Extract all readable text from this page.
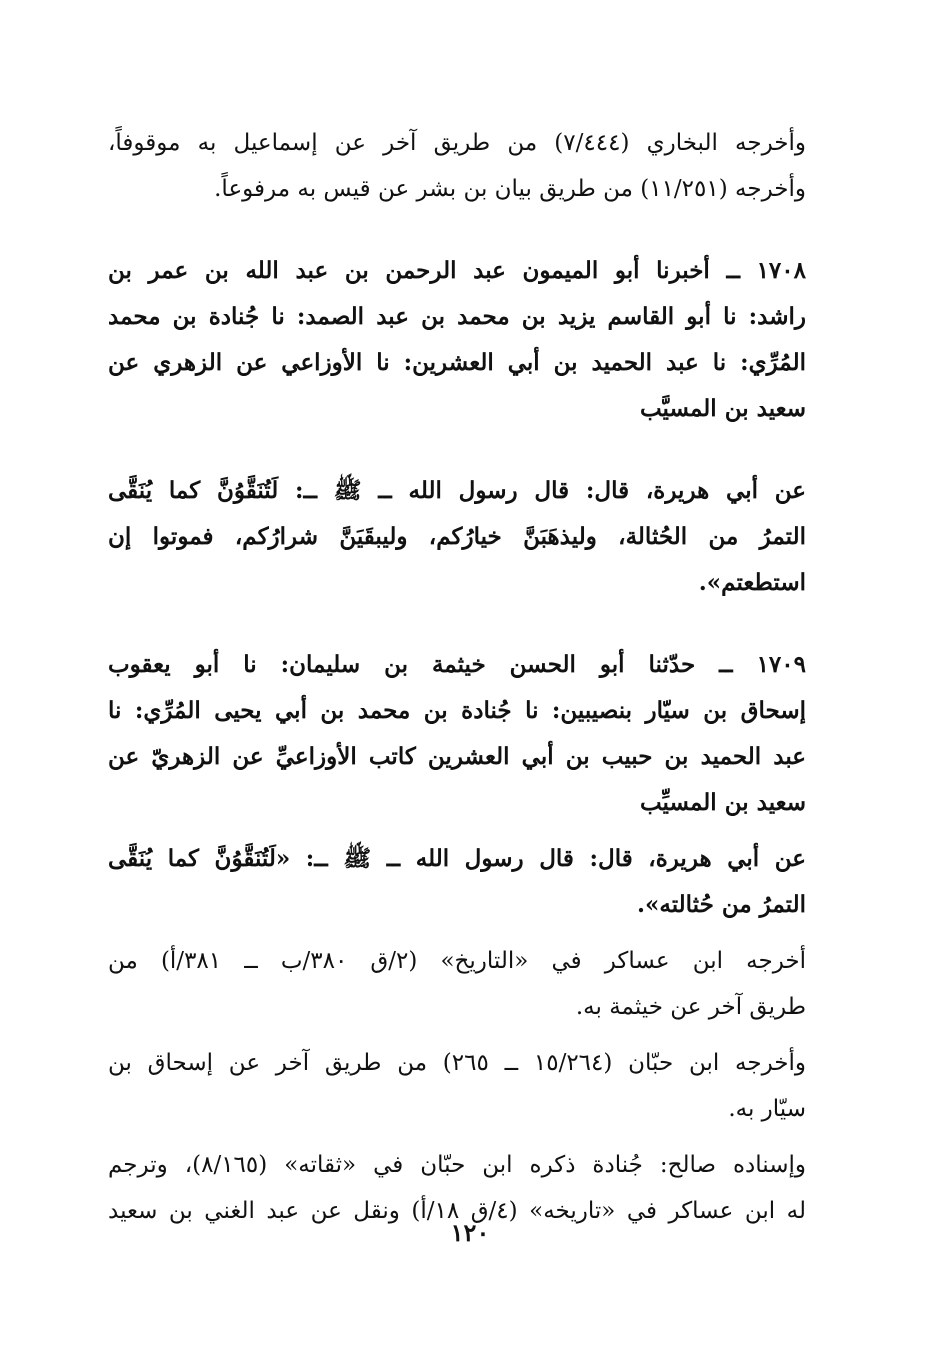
وأخرجه البخاري (٧/٤٤٤) من طريق آخر عن إسماعيل به موقوفاً،
وأخرجه (١١/٢٥١) من طريق بيان بن بشر عن قيس به مرفوعاً.
١٧٠٨ ــ أخبرنا أبو الميمون عبد الرحمن بن عبد الله بن عمر بن
راشد: نا أبو القاسم يزيد بن محمد بن عبد الصمد: نا جُنادة بن محمد
المُرِّي: نا عبد الحميد بن أبي العشرين: نا الأوزاعي عن الزهري عن
سعيد بن المسيَّب
عن أبي هريرة، قال: قال رسول الله ــ ﷺ ــ: لَتُنَقَّوُنَّ كما يُنَقَّى
التمرُ من الحُثالة، وليذهَبَنَّ خيارُكم، وليبقَيَنَّ شرارُكم، فموتوا إن
استطعتم».
١٧٠٩ ــ حدّثنا أبو الحسن خيثمة بن سليمان: نا أبو يعقوب
إسحاق بن سيّار بنصيبين: نا جُنادة بن محمد بن أبي يحيى المُرِّي: نا
عبد الحميد بن حبيب بن أبي العشرين كاتب الأوزاعيِّ عن الزهريّ عن
سعيد بن المسيِّب
عن أبي هريرة، قال: قال رسول الله ــ ﷺ ــ: «لَتُنَقَّوُنَّ كما يُنَقَّى
التمرُ من حُثالته».
أخرجه ابن عساكر في «التاريخ» (٢/ق ٣٨٠/ب ــ ٣٨١/أ) من
طريق آخر عن خيثمة به.
وأخرجه ابن حبّان (١٥/٢٦٤ ــ ٢٦٥) من طريق آخر عن إسحاق بن
سيّار به.
وإسناده صالح: جُنادة ذكره ابن حبّان في «ثقاته» (٨/١٦٥)، وترجم
له ابن عساكر في «تاريخه» (٤/ق ١٨/أ) ونقل عن عبد الغني بن سعيد
١٢٠
